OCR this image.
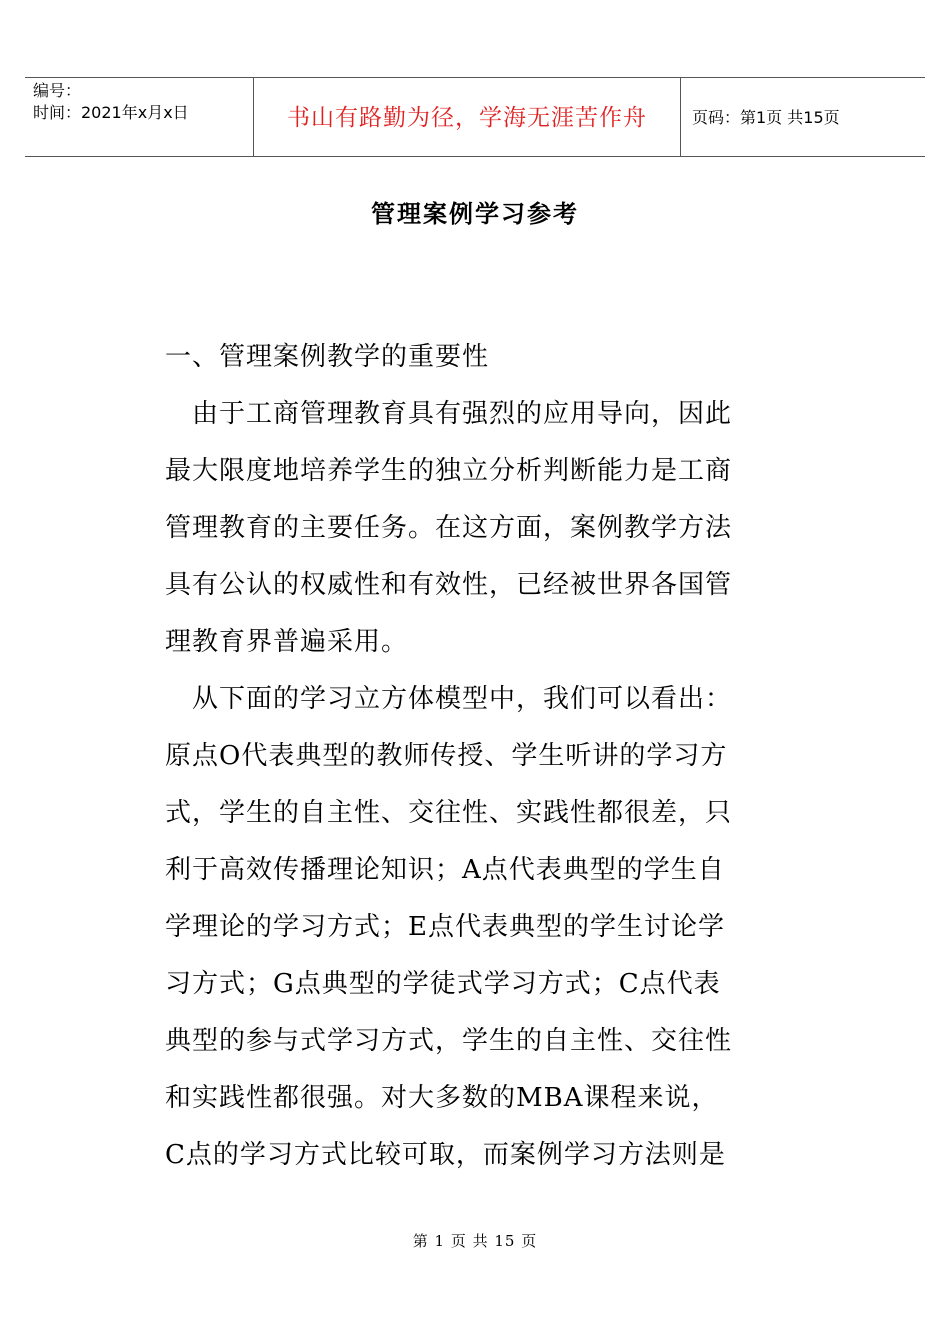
编号：
时间：2021年x月x日	书山有路勤为径，学海无涯苦作舟	页码：第1页 共15页
管理案例学习参考
一、管理案例教学的重要性
　由于工商管理教育具有强烈的应用导向，因此
最大限度地培养学生的独立分析判断能力是工商
管理教育的主要任务。在这方面，案例教学方法
具有公认的权威性和有效性，已经被世界各国管
理教育界普遍采用。
　从下面的学习立方体模型中，我们可以看出：
原点O代表典型的教师传授、学生听讲的学习方
式，学生的自主性、交往性、实践性都很差，只
利于高效传播理论知识；A点代表典型的学生自
学理论的学习方式；E点代表典型的学生讨论学
习方式；G点典型的学徒式学习方式；C点代表
典型的参与式学习方式，学生的自主性、交往性
和实践性都很强。对大多数的MBA课程来说，
C点的学习方式比较可取，而案例学习方法则是
第 1 页 共 15 页
